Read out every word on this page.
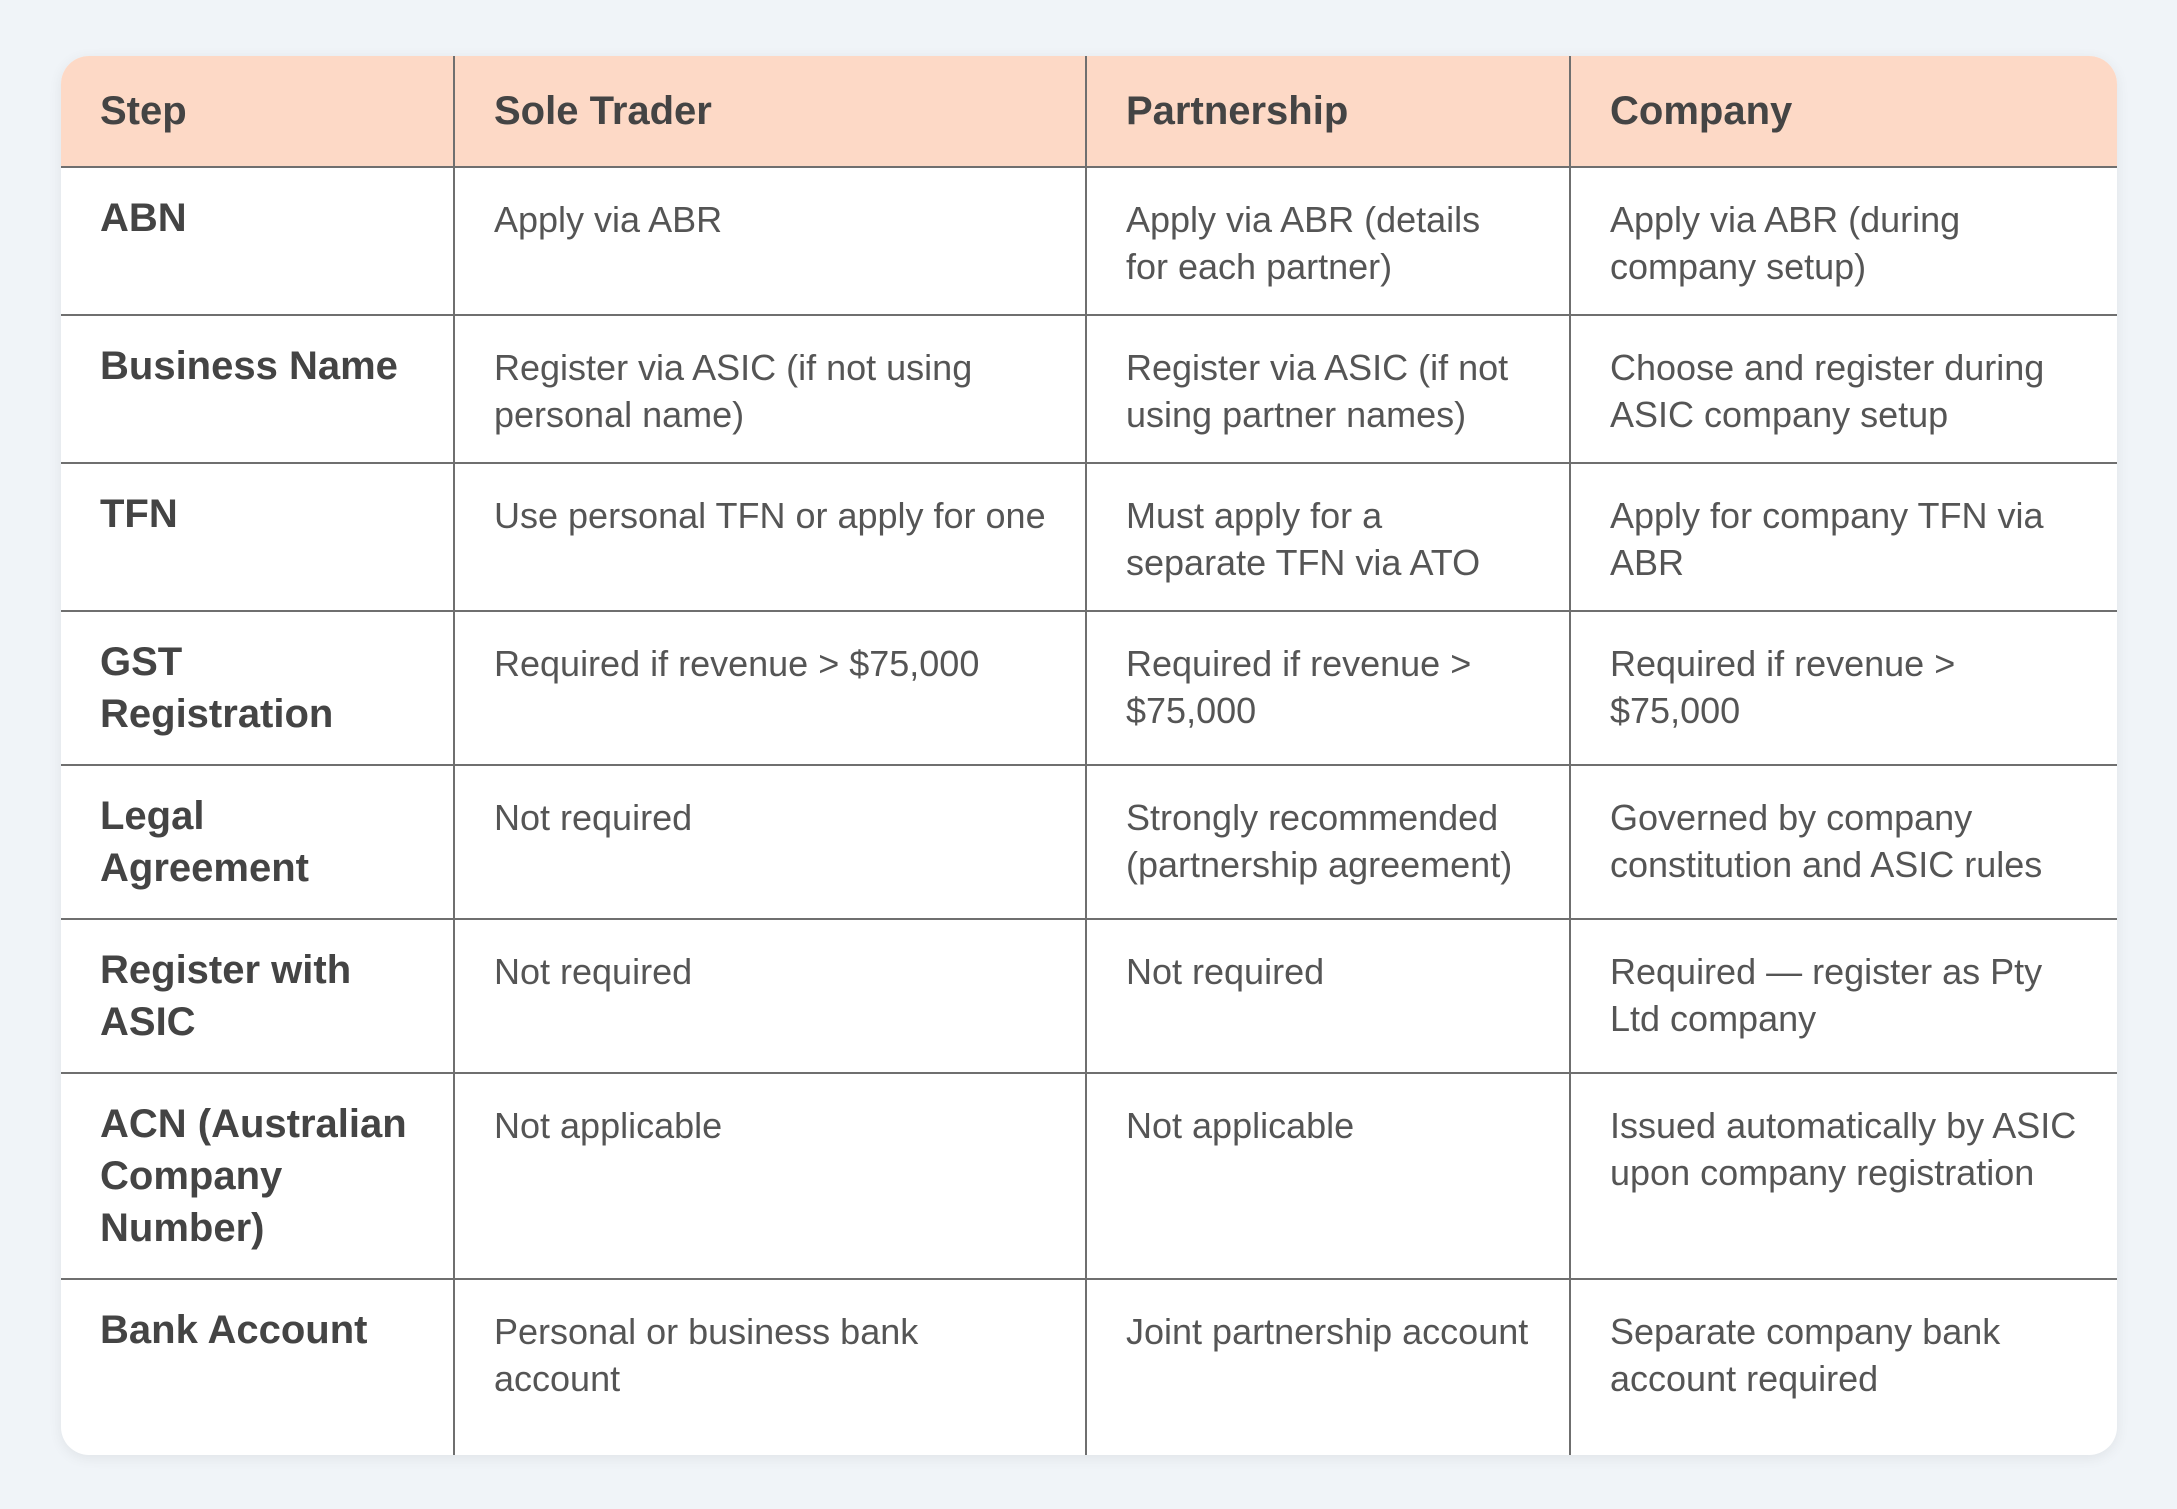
Step	Sole Trader	Partnership	Company
ABN	Apply via ABR	Apply via ABR (details for each partner)	Apply via ABR (during company setup)
Business Name	Register via ASIC (if not using personal name)	Register via ASIC (if not using partner names)	Choose and register during ASIC company setup
TFN	Use personal TFN or apply for one	Must apply for a separate TFN via ATO	Apply for company TFN via ABR
GST Registration	Required if revenue > $75,000	Required if revenue > $75,000	Required if revenue > $75,000
Legal Agreement	Not required	Strongly recommended (partnership agreement)	Governed by company constitution and ASIC rules
Register with ASIC	Not required	Not required	Required — register as Pty Ltd company
ACN (Australian Company Number)	Not applicable	Not applicable	Issued automatically by ASIC upon company registration
Bank Account	Personal or business bank account	Joint partnership account	Separate company bank account required
